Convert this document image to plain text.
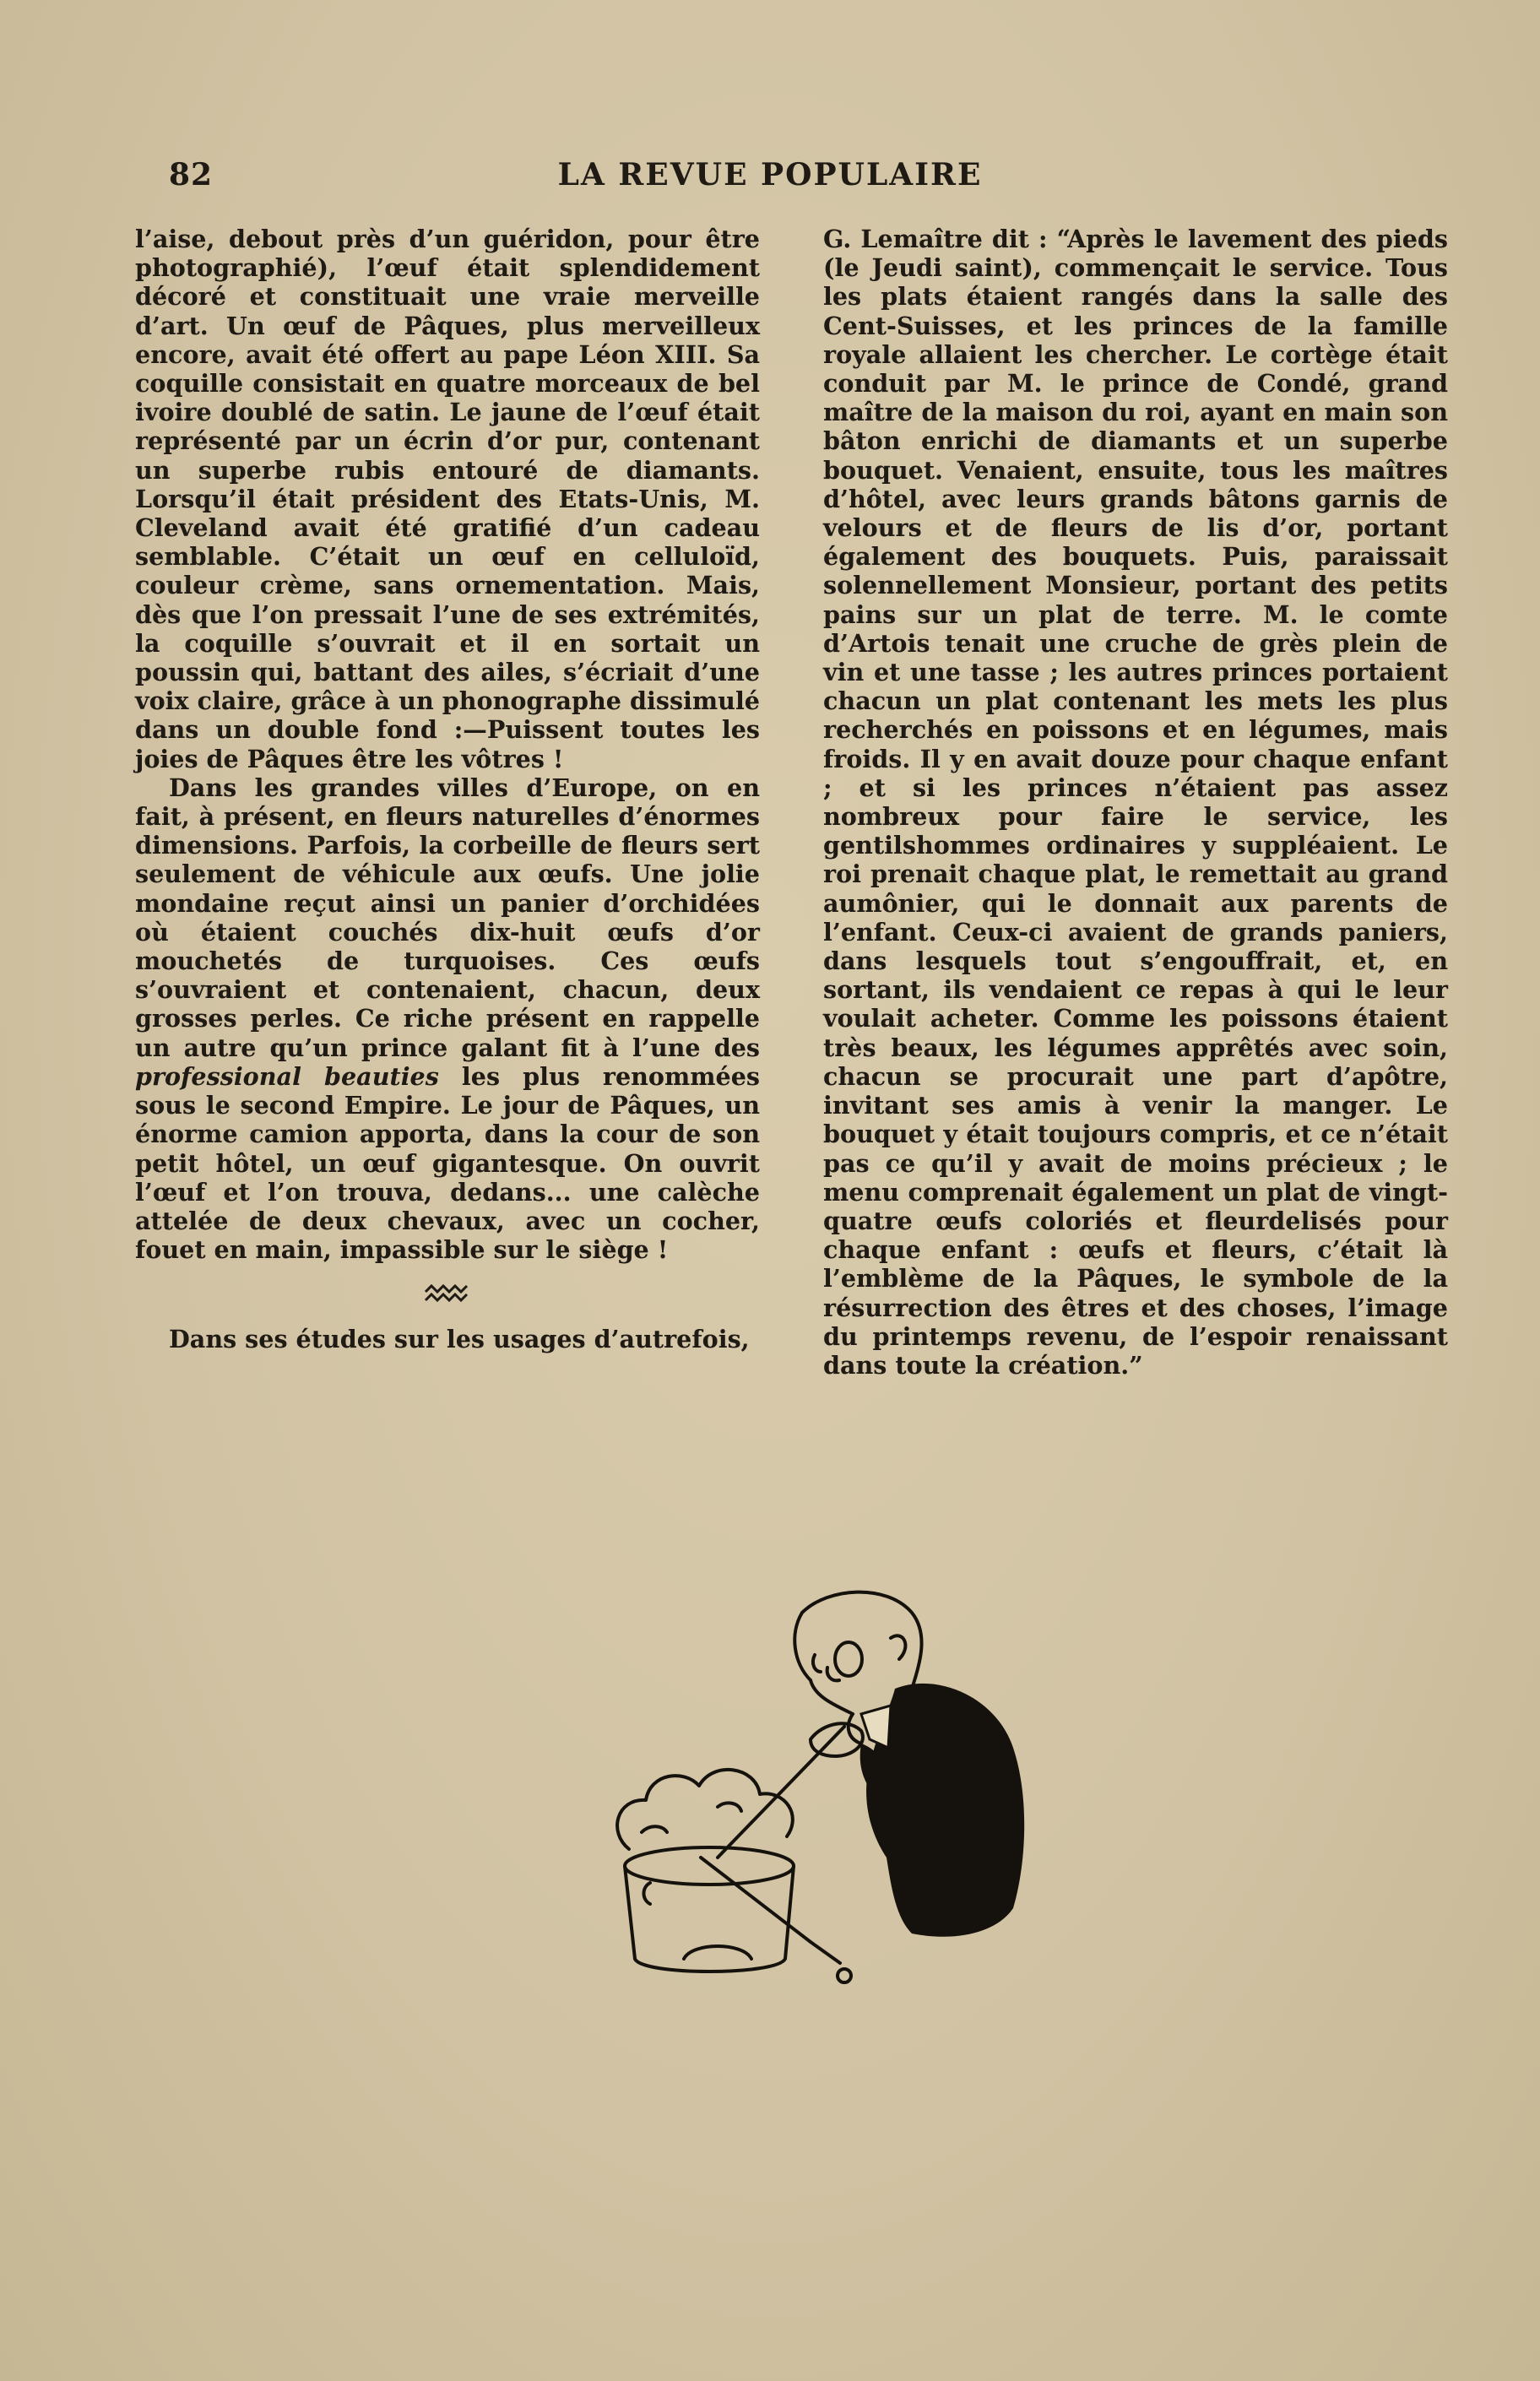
82	LA REVUE POPULAIRE

l’aise, debout près d’un guéridon, pour être photographié), l’œuf était splendidement décoré et constituait une vraie merveille d’art. Un œuf de Pâques, plus merveilleux encore, avait été offert au pape Léon XIII. Sa coquille consistait en quatre morceaux de bel ivoire doublé de satin. Le jaune de l’œuf était représenté par un écrin d’or pur, contenant un superbe rubis entouré de diamants. Lorsqu’il était président des Etats-Unis, M. Cleveland avait été gratifié d’un cadeau semblable. C’était un œuf en celluloïd, couleur crème, sans ornementation. Mais, dès que l’on pressait l’une de ses extrémités, la coquille s’ouvrait et il en sortait un poussin qui, battant des ailes, s’écriait d’une voix claire, grâce à un phonographe dissimulé dans un double fond :—Puissent toutes les joies de Pâques être les vôtres !

Dans les grandes villes d’Europe, on en fait, à présent, en fleurs naturelles d’énormes dimensions. Parfois, la corbeille de fleurs sert seulement de véhicule aux œufs. Une jolie mondaine reçut ainsi un panier d’orchidées où étaient couchés dix-huit œufs d’or mouchetés de turquoises. Ces œufs s’ouvraient et contenaient, chacun, deux grosses perles. Ce riche présent en rappelle un autre qu’un prince galant fit à l’une des professional beauties les plus renommées sous le second Empire. Le jour de Pâques, un énorme camion apporta, dans la cour de son petit hôtel, un œuf gigantesque. On ouvrit l’œuf et l’on trouva, dedans... une calèche attelée de deux chevaux, avec un cocher, fouet en main, impassible sur le siège !

Dans ses études sur les usages d’autrefois,

G. Lemaître dit : “Après le lavement des pieds (le Jeudi saint), commençait le service. Tous les plats étaient rangés dans la salle des Cent-Suisses, et les princes de la famille royale allaient les chercher. Le cortège était conduit par M. le prince de Condé, grand maître de la maison du roi, ayant en main son bâton enrichi de diamants et un superbe bouquet. Venaient, ensuite, tous les maîtres d’hôtel, avec leurs grands bâtons garnis de velours et de fleurs de lis d’or, portant également des bouquets. Puis, paraissait solennellement Monsieur, portant des petits pains sur un plat de terre. M. le comte d’Artois tenait une cruche de grès plein de vin et une tasse ; les autres princes portaient chacun un plat contenant les mets les plus recherchés en poissons et en légumes, mais froids. Il y en avait douze pour chaque enfant ; et si les princes n’étaient pas assez nombreux pour faire le service, les gentilshommes ordinaires y suppléaient. Le roi prenait chaque plat, le remettait au grand aumônier, qui le donnait aux parents de l’enfant. Ceux-ci avaient de grands paniers, dans lesquels tout s’engouffrait, et, en sortant, ils vendaient ce repas à qui le leur voulait acheter. Comme les poissons étaient très beaux, les légumes apprêtés avec soin, chacun se procurait une part d’apôtre, invitant ses amis à venir la manger. Le bouquet y était toujours compris, et ce n’était pas ce qu’il y avait de moins précieux ; le menu comprenait également un plat de vingt-quatre œufs coloriés et fleurdelisés pour chaque enfant : œufs et fleurs, c’était là l’emblème de la Pâques, le symbole de la résurrection des êtres et des choses, l’image du printemps revenu, de l’espoir renaissant dans toute la création.”
